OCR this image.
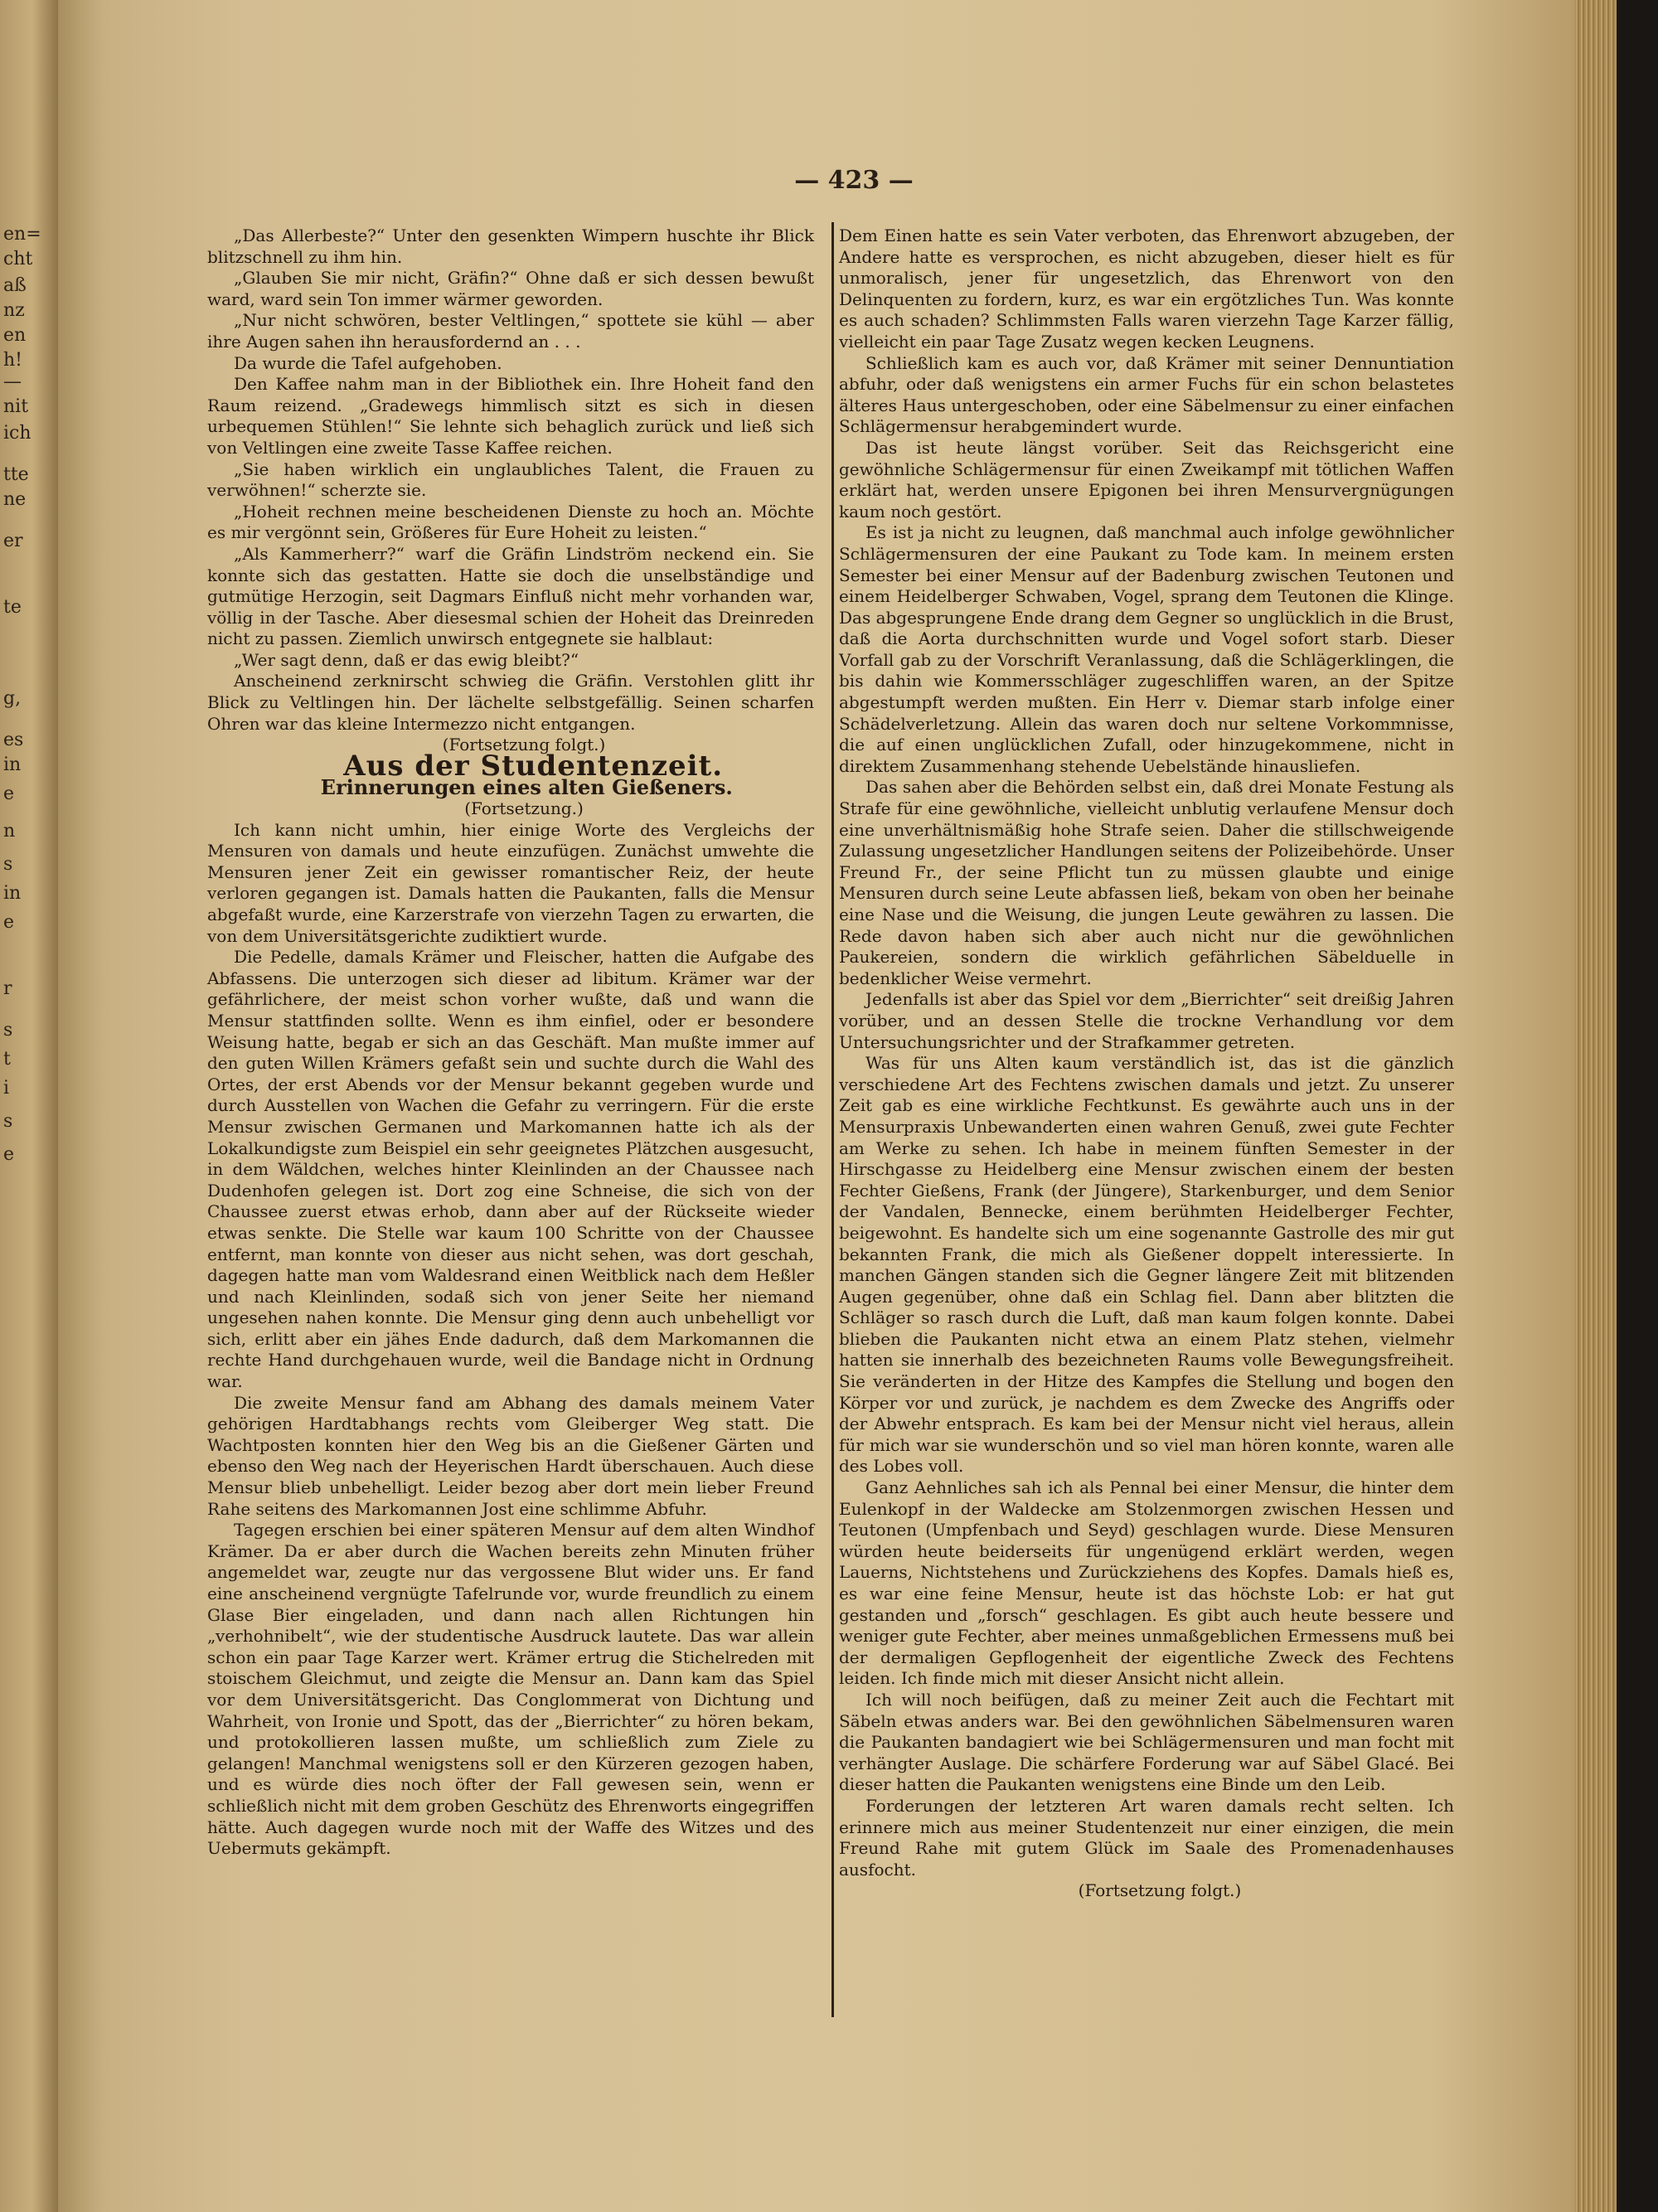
en=
cht
aß
nz
en
h!
—
nit
ich
tte
ne
er
te
g,
es
in
e
n
s
in
e
r
s
t
i
s
e
— 423 —

„Das Allerbeste?“ Unter den gesenkten Wimpern huschte ihr Blick blitzschnell zu ihm hin.

„Glauben Sie mir nicht, Gräfin?“ Ohne daß er sich dessen bewußt ward, ward sein Ton immer wärmer geworden.

„Nur nicht schwören, bester Veltlingen,“ spottete sie kühl — aber ihre Augen sahen ihn herausfordernd an . . .

Da wurde die Tafel aufgehoben.

Den Kaffee nahm man in der Bibliothek ein. Ihre Hoheit fand den Raum reizend. „Gradewegs himmlisch sitzt es sich in diesen urbequemen Stühlen!“ Sie lehnte sich behaglich zurück und ließ sich von Veltlingen eine zweite Tasse Kaffee reichen.

„Sie haben wirklich ein unglaubliches Talent, die Frauen zu verwöhnen!“ scherzte sie.

„Hoheit rechnen meine bescheidenen Dienste zu hoch an. Möchte es mir vergönnt sein, Größeres für Eure Hoheit zu leisten.“

„Als Kammerherr?“ warf die Gräfin Lindström neckend ein. Sie konnte sich das gestatten. Hatte sie doch die unselbständige und gutmütige Herzogin, seit Dagmars Einfluß nicht mehr vorhanden war, völlig in der Tasche. Aber diesesmal schien der Hoheit das Dreinreden nicht zu passen. Ziemlich unwirsch entgegnete sie halblaut:

„Wer sagt denn, daß er das ewig bleibt?“

Anscheinend zerknirscht schwieg die Gräfin. Verstohlen glitt ihr Blick zu Veltlingen hin. Der lächelte selbstgefällig. Seinen scharfen Ohren war das kleine Intermezzo nicht entgangen.

(Fortsetzung folgt.)

Aus der Studentenzeit.

Erinnerungen eines alten Gießeners.

(Fortsetzung.)

Ich kann nicht umhin, hier einige Worte des Vergleichs der Mensuren von damals und heute einzufügen. Zunächst umwehte die Mensuren jener Zeit ein gewisser romantischer Reiz, der heute verloren gegangen ist. Damals hatten die Paukanten, falls die Mensur abgefaßt wurde, eine Karzerstrafe von vierzehn Tagen zu erwarten, die von dem Universitätsgerichte zudiktiert wurde.

Die Pedelle, damals Krämer und Fleischer, hatten die Aufgabe des Abfassens. Die unterzogen sich dieser ad libitum. Krämer war der gefährlichere, der meist schon vorher wußte, daß und wann die Mensur stattfinden sollte. Wenn es ihm einfiel, oder er besondere Weisung hatte, begab er sich an das Geschäft. Man mußte immer auf den guten Willen Krämers gefaßt sein und suchte durch die Wahl des Ortes, der erst Abends vor der Mensur bekannt gegeben wurde und durch Ausstellen von Wachen die Gefahr zu verringern. Für die erste Mensur zwischen Germanen und Markomannen hatte ich als der Lokalkundigste zum Beispiel ein sehr geeignetes Plätzchen ausgesucht, in dem Wäldchen, welches hinter Kleinlinden an der Chaussee nach Dudenhofen gelegen ist. Dort zog eine Schneise, die sich von der Chaussee zuerst etwas erhob, dann aber auf der Rückseite wieder etwas senkte. Die Stelle war kaum 100 Schritte von der Chaussee entfernt, man konnte von dieser aus nicht sehen, was dort geschah, dagegen hatte man vom Waldesrand einen Weitblick nach dem Heßler und nach Kleinlinden, sodaß sich von jener Seite her niemand ungesehen nahen konnte. Die Mensur ging denn auch unbehelligt vor sich, erlitt aber ein jähes Ende dadurch, daß dem Markomannen die rechte Hand durchgehauen wurde, weil die Bandage nicht in Ordnung war.

Die zweite Mensur fand am Abhang des damals meinem Vater gehörigen Hardtabhangs rechts vom Gleiberger Weg statt. Die Wachtposten konnten hier den Weg bis an die Gießener Gärten und ebenso den Weg nach der Heyerischen Hardt überschauen. Auch diese Mensur blieb unbehelligt. Leider bezog aber dort mein lieber Freund Rahe seitens des Markomannen Jost eine schlimme Abfuhr.

Tagegen erschien bei einer späteren Mensur auf dem alten Windhof Krämer. Da er aber durch die Wachen bereits zehn Minuten früher angemeldet war, zeugte nur das vergossene Blut wider uns. Er fand eine anscheinend vergnügte Tafelrunde vor, wurde freundlich zu einem Glase Bier eingeladen, und dann nach allen Richtungen hin „verhohnibelt“, wie der studentische Ausdruck lautete. Das war allein schon ein paar Tage Karzer wert. Krämer ertrug die Stichelreden mit stoischem Gleichmut, und zeigte die Mensur an. Dann kam das Spiel vor dem Universitätsgericht. Das Conglommerat von Dichtung und Wahrheit, von Ironie und Spott, das der „Bierrichter“ zu hören bekam, und protokollieren lassen mußte, um schließlich zum Ziele zu gelangen! Manchmal wenigstens soll er den Kürzeren gezogen haben, und es würde dies noch öfter der Fall gewesen sein, wenn er schließlich nicht mit dem groben Geschütz des Ehrenworts eingegriffen hätte. Auch dagegen wurde noch mit der Waffe des Witzes und des Uebermuts gekämpft.

Dem Einen hatte es sein Vater verboten, das Ehrenwort abzugeben, der Andere hatte es versprochen, es nicht abzugeben, dieser hielt es für unmoralisch, jener für ungesetzlich, das Ehrenwort von den Delinquenten zu fordern, kurz, es war ein ergötzliches Tun. Was konnte es auch schaden? Schlimmsten Falls waren vierzehn Tage Karzer fällig, vielleicht ein paar Tage Zusatz wegen kecken Leugnens.

Schließlich kam es auch vor, daß Krämer mit seiner Dennuntiation abfuhr, oder daß wenigstens ein armer Fuchs für ein schon belastetes älteres Haus untergeschoben, oder eine Säbelmensur zu einer einfachen Schlägermensur herabgemindert wurde.

Das ist heute längst vorüber. Seit das Reichsgericht eine gewöhnliche Schlägermensur für einen Zweikampf mit tötlichen Waffen erklärt hat, werden unsere Epigonen bei ihren Mensurvergnügungen kaum noch gestört.

Es ist ja nicht zu leugnen, daß manchmal auch infolge gewöhnlicher Schlägermensuren der eine Paukant zu Tode kam. In meinem ersten Semester bei einer Mensur auf der Badenburg zwischen Teutonen und einem Heidelberger Schwaben, Vogel, sprang dem Teutonen die Klinge. Das abgesprungene Ende drang dem Gegner so unglücklich in die Brust, daß die Aorta durchschnitten wurde und Vogel sofort starb. Dieser Vorfall gab zu der Vorschrift Veranlassung, daß die Schlägerklingen, die bis dahin wie Kommersschläger zugeschliffen waren, an der Spitze abgestumpft werden mußten. Ein Herr v. Diemar starb infolge einer Schädelverletzung. Allein das waren doch nur seltene Vorkommnisse, die auf einen unglücklichen Zufall, oder hinzugekommene, nicht in direktem Zusammenhang stehende Uebelstände hinausliefen.

Das sahen aber die Behörden selbst ein, daß drei Monate Festung als Strafe für eine gewöhnliche, vielleicht unblutig verlaufene Mensur doch eine unverhältnismäßig hohe Strafe seien. Daher die stillschweigende Zulassung ungesetzlicher Handlungen seitens der Polizeibehörde. Unser Freund Fr., der seine Pflicht tun zu müssen glaubte und einige Mensuren durch seine Leute abfassen ließ, bekam von oben her beinahe eine Nase und die Weisung, die jungen Leute gewähren zu lassen. Die Rede davon haben sich aber auch nicht nur die gewöhnlichen Paukereien, sondern die wirklich gefährlichen Säbelduelle in bedenklicher Weise vermehrt.

Jedenfalls ist aber das Spiel vor dem „Bierrichter“ seit dreißig Jahren vorüber, und an dessen Stelle die trockne Verhandlung vor dem Untersuchungsrichter und der Strafkammer getreten.

Was für uns Alten kaum verständlich ist, das ist die gänzlich verschiedene Art des Fechtens zwischen damals und jetzt. Zu unserer Zeit gab es eine wirkliche Fechtkunst. Es gewährte auch uns in der Mensurpraxis Unbewanderten einen wahren Genuß, zwei gute Fechter am Werke zu sehen. Ich habe in meinem fünften Semester in der Hirschgasse zu Heidelberg eine Mensur zwischen einem der besten Fechter Gießens, Frank (der Jüngere), Starkenburger, und dem Senior der Vandalen, Bennecke, einem berühmten Heidelberger Fechter, beigewohnt. Es handelte sich um eine sogenannte Gastrolle des mir gut bekannten Frank, die mich als Gießener doppelt interessierte. In manchen Gängen standen sich die Gegner längere Zeit mit blitzenden Augen gegenüber, ohne daß ein Schlag fiel. Dann aber blitzten die Schläger so rasch durch die Luft, daß man kaum folgen konnte. Dabei blieben die Paukanten nicht etwa an einem Platz stehen, vielmehr hatten sie innerhalb des bezeichneten Raums volle Bewegungsfreiheit. Sie veränderten in der Hitze des Kampfes die Stellung und bogen den Körper vor und zurück, je nachdem es dem Zwecke des Angriffs oder der Abwehr entsprach. Es kam bei der Mensur nicht viel heraus, allein für mich war sie wunderschön und so viel man hören konnte, waren alle des Lobes voll.

Ganz Aehnliches sah ich als Pennal bei einer Mensur, die hinter dem Eulenkopf in der Waldecke am Stolzenmorgen zwischen Hessen und Teutonen (Umpfenbach und Seyd) geschlagen wurde. Diese Mensuren würden heute beiderseits für ungenügend erklärt werden, wegen Lauerns, Nichtstehens und Zurückziehens des Kopfes. Damals hieß es, es war eine feine Mensur, heute ist das höchste Lob: er hat gut gestanden und „forsch“ geschlagen. Es gibt auch heute bessere und weniger gute Fechter, aber meines unmaßgeblichen Ermessens muß bei der dermaligen Gepflogenheit der eigentliche Zweck des Fechtens leiden. Ich finde mich mit dieser Ansicht nicht allein.

Ich will noch beifügen, daß zu meiner Zeit auch die Fechtart mit Säbeln etwas anders war. Bei den gewöhnlichen Säbelmensuren waren die Paukanten bandagiert wie bei Schlägermensuren und man focht mit verhängter Auslage. Die schärfere Forderung war auf Säbel Glacé. Bei dieser hatten die Paukanten wenigstens eine Binde um den Leib.

Forderungen der letzteren Art waren damals recht selten. Ich erinnere mich aus meiner Studentenzeit nur einer einzigen, die mein Freund Rahe mit gutem Glück im Saale des Promenadenhauses ausfocht.

(Fortsetzung folgt.)
